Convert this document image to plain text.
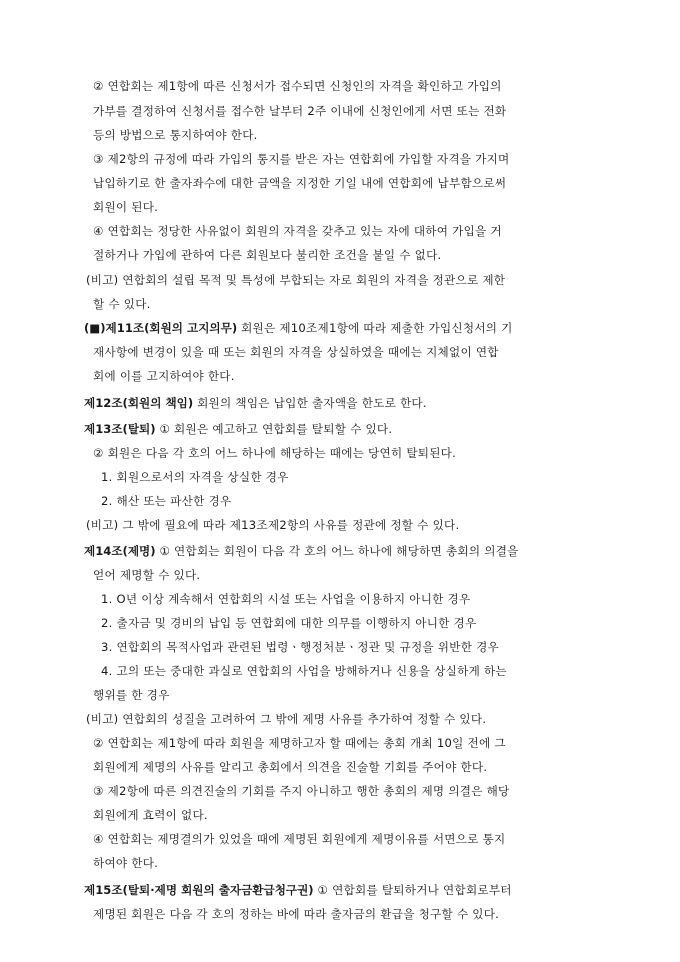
② 연합회는 제1항에 따른 신청서가 접수되면 신청인의 자격을 확인하고 가입의
가부를 결정하여 신청서를 접수한 날부터 2주 이내에 신청인에게 서면 또는 전화
등의 방법으로 통지하여야 한다.
③ 제2항의 규정에 따라 가입의 통지를 받은 자는 연합회에 가입할 자격을 가지며
납입하기로 한 출자좌수에 대한 금액을 지정한 기일 내에 연합회에 납부함으로써
회원이 된다.
④ 연합회는 정당한 사유없이 회원의 자격을 갖추고 있는 자에 대하여 가입을 거
절하거나 가입에 관하여 다른 회원보다 불리한 조건을 붙일 수 없다.
(비고) 연합회의 설립 목적 및 특성에 부합되는 자로 회원의 자격을 정관으로 제한
할 수 있다.
(■)제11조(회원의 고지의무) 회원은 제10조제1항에 따라 제출한 가입신청서의 기
재사항에 변경이 있을 때 또는 회원의 자격을 상실하였을 때에는 지체없이 연합
회에 이를 고지하여야 한다.
제12조(회원의 책임) 회원의 책임은 납입한 출자액을 한도로 한다.
제13조(탈퇴) ① 회원은 예고하고 연합회를 탈퇴할 수 있다.
② 회원은 다음 각 호의 어느 하나에 해당하는 때에는 당연히 탈퇴된다.
1. 회원으로서의 자격을 상실한 경우
2. 해산 또는 파산한 경우
(비고) 그 밖에 필요에 따라 제13조제2항의 사유를 정관에 정할 수 있다.
제14조(제명) ① 연합회는 회원이 다음 각 호의 어느 하나에 해당하면 총회의 의결을
얻어 제명할 수 있다.
1. O년 이상 계속해서 연합회의 시설 또는 사업을 이용하지 아니한 경우
2. 출자금 및 경비의 납입 등 연합회에 대한 의무를 이행하지 아니한 경우
3. 연합회의 목적사업과 관련된 법령ㆍ행정처분ㆍ정관 및 규정을 위반한 경우
4. 고의 또는 중대한 과실로 연합회의 사업을 방해하거나 신용을 상실하게 하는
행위를 한 경우
(비고) 연합회의 성질을 고려하여 그 밖에 제명 사유를 추가하여 정할 수 있다.
② 연합회는 제1항에 따라 회원을 제명하고자 할 때에는 총회 개최 10일 전에 그
회원에게 제명의 사유를 알리고 총회에서 의견을 진술할 기회를 주어야 한다.
③ 제2항에 따른 의견진술의 기회를 주지 아니하고 행한 총회의 제명 의결은 해당
회원에게 효력이 없다.
④ 연합회는 제명결의가 있었을 때에 제명된 회원에게 제명이유를 서면으로 통지
하여야 한다.
제15조(탈퇴·제명 회원의 출자금환급청구권) ① 연합회를 탈퇴하거나 연합회로부터
제명된 회원은 다음 각 호의 정하는 바에 따라 출자금의 환급을 청구할 수 있다.
